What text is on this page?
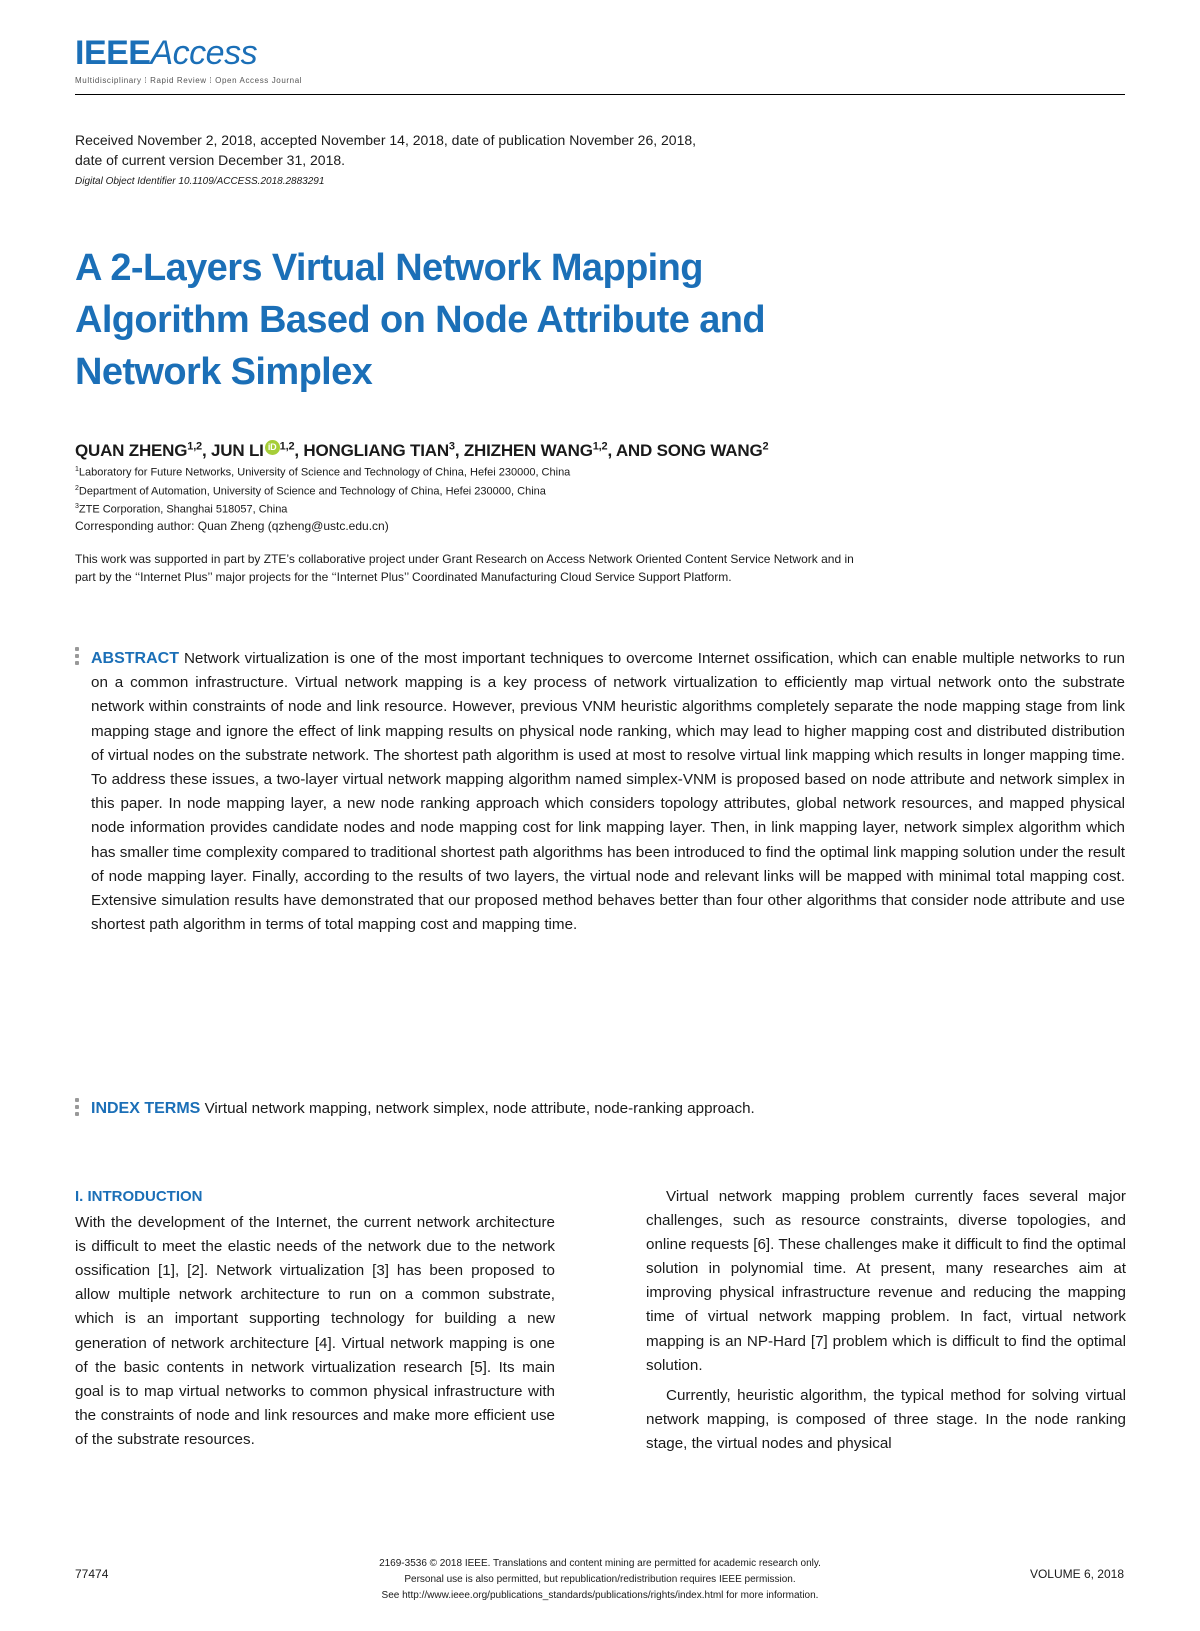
IEEEAccess
Multidisciplinary ⁞ Rapid Review ⁞ Open Access Journal
Received November 2, 2018, accepted November 14, 2018, date of publication November 26, 2018,
date of current version December 31, 2018.
Digital Object Identifier 10.1109/ACCESS.2018.2883291
A 2-Layers Virtual Network Mapping Algorithm Based on Node Attribute and Network Simplex
QUAN ZHENG$^{1,2}$, JUN LI iD $^{1,2}$, HONGLIANG TIAN$^3$, ZHIZHEN WANG$^{1,2}$, AND SONG WANG$^2$
$^1$Laboratory for Future Networks, University of Science and Technology of China, Hefei 230000, China
$^2$Department of Automation, University of Science and Technology of China, Hefei 230000, China
$^3$ZTE Corporation, Shanghai 518057, China
Corresponding author: Quan Zheng (qzheng@ustc.edu.cn)
This work was supported in part by ZTE’s collaborative project under Grant Research on Access Network Oriented Content Service Network and in part by the ‘‘Internet Plus’’ major projects for the ‘‘Internet Plus’’ Coordinated Manufacturing Cloud Service Support Platform.
ABSTRACT Network virtualization is one of the most important techniques to overcome Internet ossification, which can enable multiple networks to run on a common infrastructure. Virtual network mapping is a key process of network virtualization to efficiently map virtual network onto the substrate network within constraints of node and link resource. However, previous VNM heuristic algorithms completely separate the node mapping stage from link mapping stage and ignore the effect of link mapping results on physical node ranking, which may lead to higher mapping cost and distributed distribution of virtual nodes on the substrate network. The shortest path algorithm is used at most to resolve virtual link mapping which results in longer mapping time. To address these issues, a two-layer virtual network mapping algorithm named simplex-VNM is proposed based on node attribute and network simplex in this paper. In node mapping layer, a new node ranking approach which considers topology attributes, global network resources, and mapped physical node information provides candidate nodes and node mapping cost for link mapping layer. Then, in link mapping layer, network simplex algorithm which has smaller time complexity compared to traditional shortest path algorithms has been introduced to find the optimal link mapping solution under the result of node mapping layer. Finally, according to the results of two layers, the virtual node and relevant links will be mapped with minimal total mapping cost. Extensive simulation results have demonstrated that our proposed method behaves better than four other algorithms that consider node attribute and use shortest path algorithm in terms of total mapping cost and mapping time.
INDEX TERMS Virtual network mapping, network simplex, node attribute, node-ranking approach.
I. INTRODUCTION

With the development of the Internet, the current network architecture is difficult to meet the elastic needs of the network due to the network ossification [1], [2]. Network virtualization [3] has been proposed to allow multiple network architecture to run on a common substrate, which is an important supporting technology for building a new generation of network architecture [4]. Virtual network mapping is one of the basic contents in network virtualization research [5]. Its main goal is to map virtual networks to common physical infrastructure with the constraints of node and link resources and make more efficient use of the substrate resources.

Virtual network mapping problem currently faces several major challenges, such as resource constraints, diverse topologies, and online requests [6]. These challenges make it difficult to find the optimal solution in polynomial time. At present, many researches aim at improving physical infrastructure revenue and reducing the mapping time of virtual network mapping problem. In fact, virtual network mapping is an NP-Hard [7] problem which is difficult to find the optimal solution.

Currently, heuristic algorithm, the typical method for solving virtual network mapping, is composed of three stage. In the node ranking stage, the virtual nodes and physical

77474
2169-3536 © 2018 IEEE. Translations and content mining are permitted for academic research only.
Personal use is also permitted, but republication/redistribution requires IEEE permission.
See http://www.ieee.org/publications_standards/publications/rights/index.html for more information.
VOLUME 6, 2018
